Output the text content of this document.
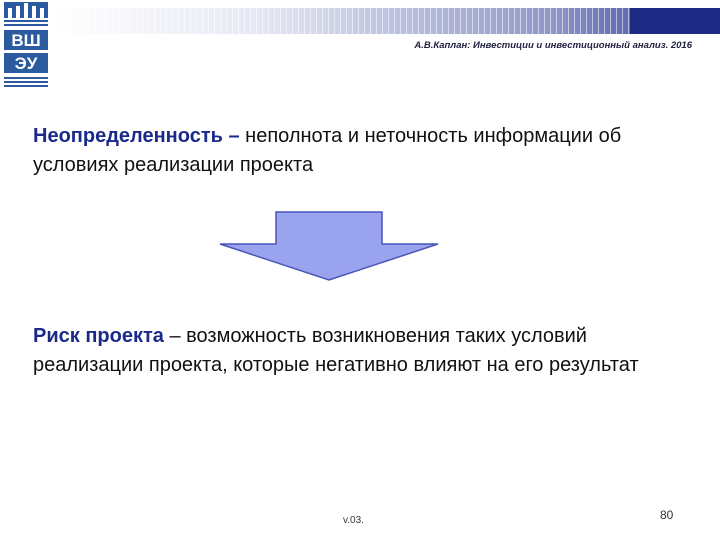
ВШ
ЭУ
А.В.Каплан: Инвестиции и инвестиционный анализ. 2016
Неопределенность – неполнота и неточность информации об условиях реализации проекта
Риск проекта – возможность возникновения таких условий реализации проекта, которые негативно влияют на его результат
v.03.	80
